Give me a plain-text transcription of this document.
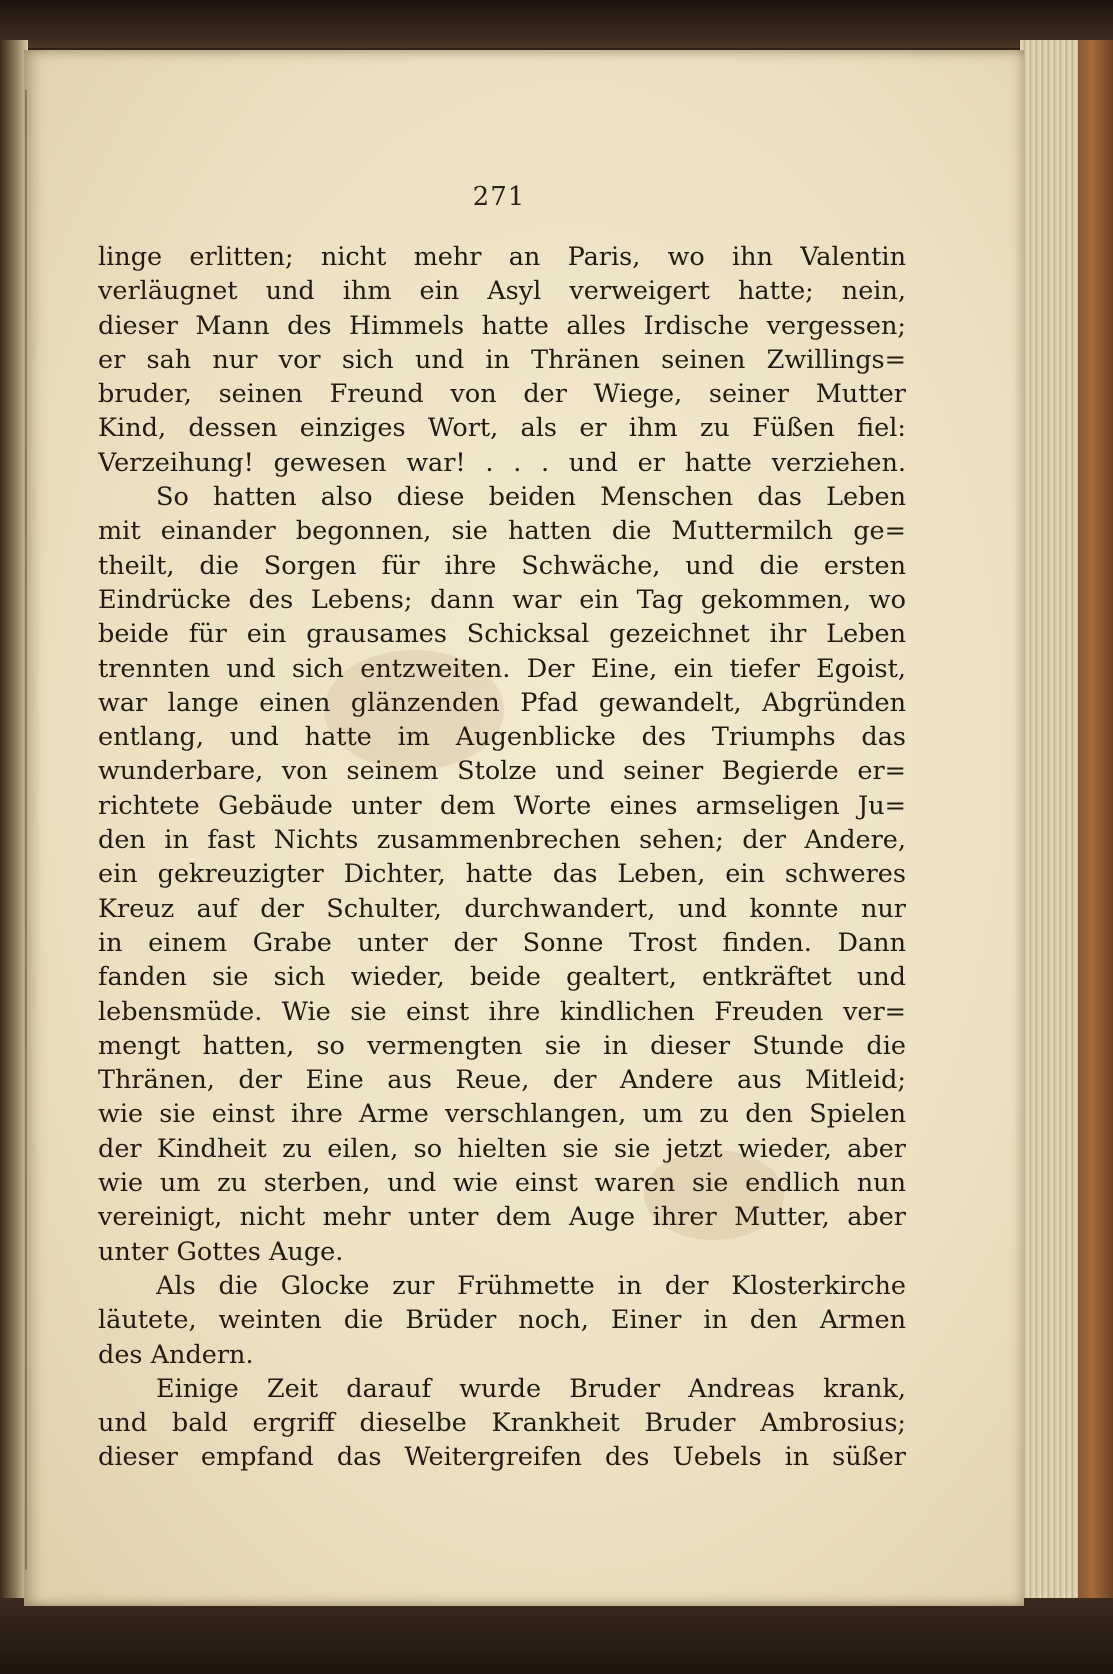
271
linge erlitten; nicht mehr an Paris, wo ihn Valentin
verläugnet und ihm ein Asyl verweigert hatte; nein,
dieser Mann des Himmels hatte alles Irdische vergessen;
er sah nur vor sich und in Thränen seinen Zwillings=
bruder, seinen Freund von der Wiege, seiner Mutter
Kind, dessen einziges Wort, als er ihm zu Füßen fiel:
Verzeihung! gewesen war! . . . und er hatte verziehen.
So hatten also diese beiden Menschen das Leben
mit einander begonnen, sie hatten die Muttermilch ge=
theilt, die Sorgen für ihre Schwäche, und die ersten
Eindrücke des Lebens; dann war ein Tag gekommen, wo
beide für ein grausames Schicksal gezeichnet ihr Leben
trennten und sich entzweiten. Der Eine, ein tiefer Egoist,
war lange einen glänzenden Pfad gewandelt, Abgründen
entlang, und hatte im Augenblicke des Triumphs das
wunderbare, von seinem Stolze und seiner Begierde er=
richtete Gebäude unter dem Worte eines armseligen Ju=
den in fast Nichts zusammenbrechen sehen; der Andere,
ein gekreuzigter Dichter, hatte das Leben, ein schweres
Kreuz auf der Schulter, durchwandert, und konnte nur
in einem Grabe unter der Sonne Trost finden. Dann
fanden sie sich wieder, beide gealtert, entkräftet und
lebensmüde. Wie sie einst ihre kindlichen Freuden ver=
mengt hatten, so vermengten sie in dieser Stunde die
Thränen, der Eine aus Reue, der Andere aus Mitleid;
wie sie einst ihre Arme verschlangen, um zu den Spielen
der Kindheit zu eilen, so hielten sie sie jetzt wieder, aber
wie um zu sterben, und wie einst waren sie endlich nun
vereinigt, nicht mehr unter dem Auge ihrer Mutter, aber
unter Gottes Auge.
Als die Glocke zur Frühmette in der Klosterkirche
läutete, weinten die Brüder noch, Einer in den Armen
des Andern.
Einige Zeit darauf wurde Bruder Andreas krank,
und bald ergriff dieselbe Krankheit Bruder Ambrosius;
dieser empfand das Weitergreifen des Uebels in süßer
